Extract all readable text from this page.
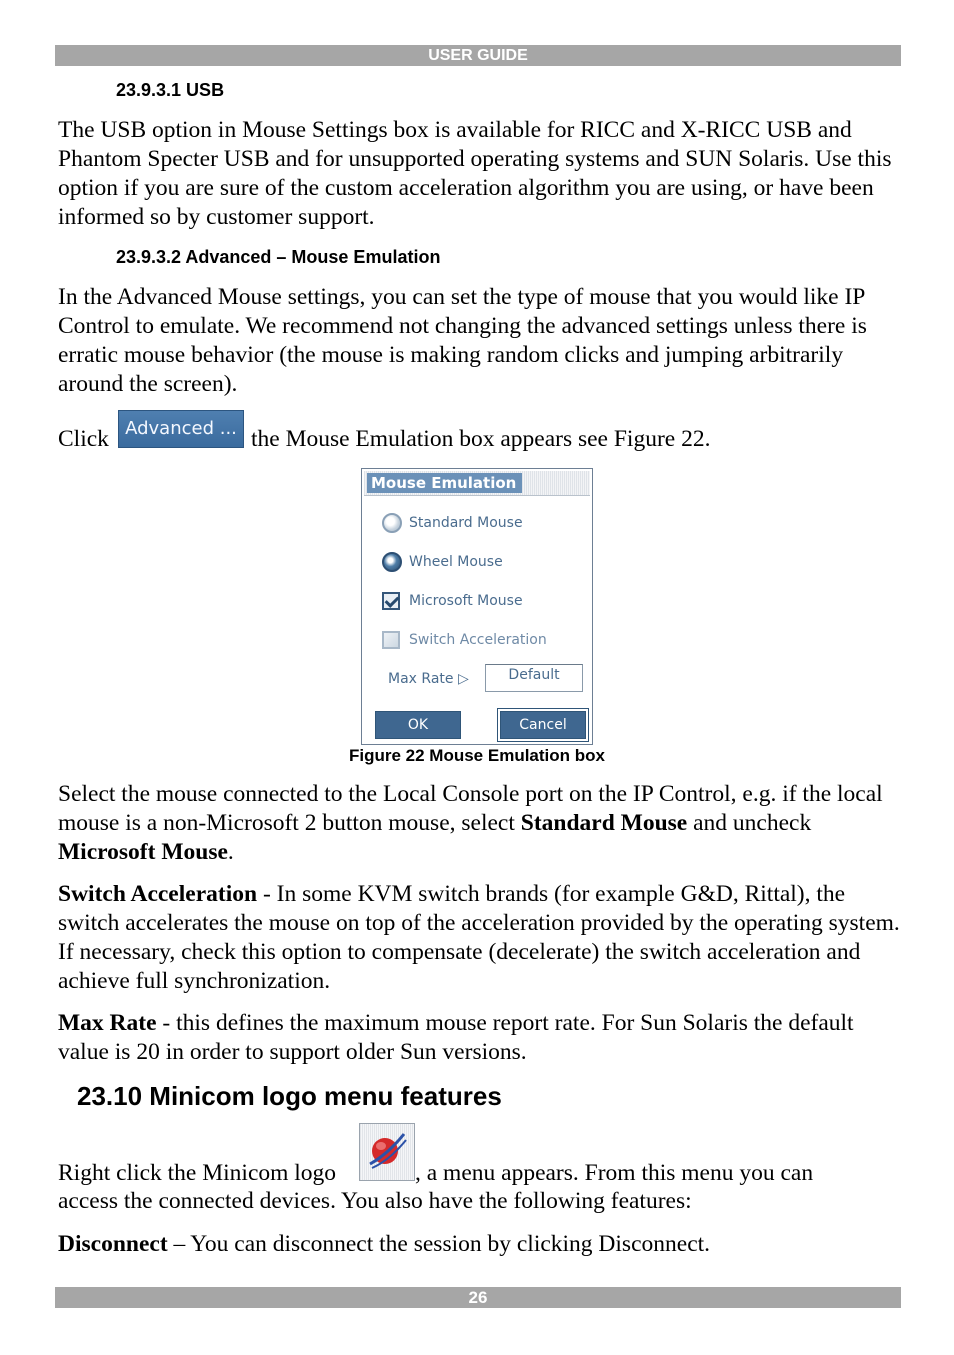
USER GUIDE
23.9.3.1 USB

The USB option in Mouse Settings box is available for RICC and X-RICC USB and Phantom Specter USB and for unsupported operating systems and SUN Solaris. Use this option if you are sure of the custom acceleration algorithm you are using, or have been informed so by customer support.

23.9.3.2 Advanced – Mouse Emulation

In the Advanced Mouse settings, you can set the type of mouse that you would like IP Control to emulate. We recommend not changing the advanced settings unless there is erratic mouse behavior (the mouse is making random clicks and jumping arbitrarily around the screen).

Click Advanced ... the Mouse Emulation box appears see Figure 22.
Mouse Emulation
Standard Mouse
Wheel Mouse
Microsoft Mouse
Switch Acceleration
Max Rate ▷	Default
OK	Cancel
Figure 22 Mouse Emulation box

Select the mouse connected to the Local Console port on the IP Control, e.g. if the local mouse is a non-Microsoft 2 button mouse, select Standard Mouse and uncheck Microsoft Mouse.

Switch Acceleration - In some KVM switch brands (for example G&D, Rittal), the switch accelerates the mouse on top of the acceleration provided by the operating system. If necessary, check this option to compensate (decelerate) the switch acceleration and achieve full synchronization.

Max Rate - this defines the maximum mouse report rate. For Sun Solaris the default value is 20 in order to support older Sun versions.

23.10 Minicom logo menu features
Right click the Minicom logo	, a menu appears. From this menu you can
access the connected devices. You also have the following features:

Disconnect – You can disconnect the session by clicking Disconnect.

26
